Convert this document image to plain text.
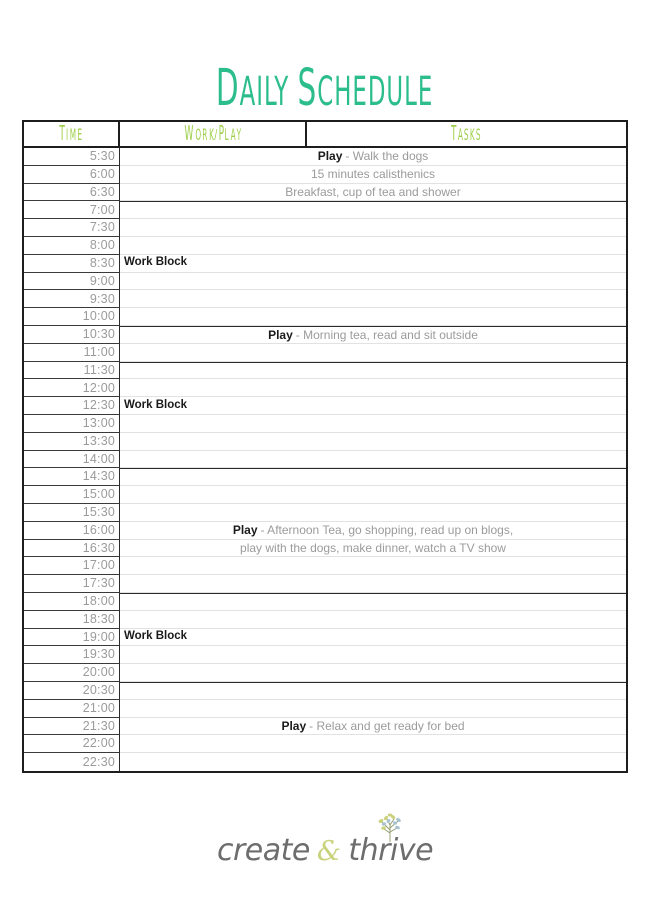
DAILY SCHEDULE
TIME	WORK/PLAY	TASKS
5:30	Play - Walk the dogs
6:00	15 minutes calisthenics
6:30	Breakfast, cup of tea and shower
7:00
7:30
8:00
8:30 Work Block
9:00
9:30
10:00
10:30	Play - Morning tea, read and sit outside
11:00
11:30
12:00
12:30 Work Block
13:00
13:30
14:00
14:30
15:00
15:30
16:00	Play - Afternoon Tea, go shopping, read up on blogs,
16:30	play with the dogs, make dinner, watch a TV show
17:00
17:30
18:00
18:30
19:00 Work Block
19:30
20:00
20:30
21:00
21:30	Play - Relax and get ready for bed
22:00
22:30
create & thrive
